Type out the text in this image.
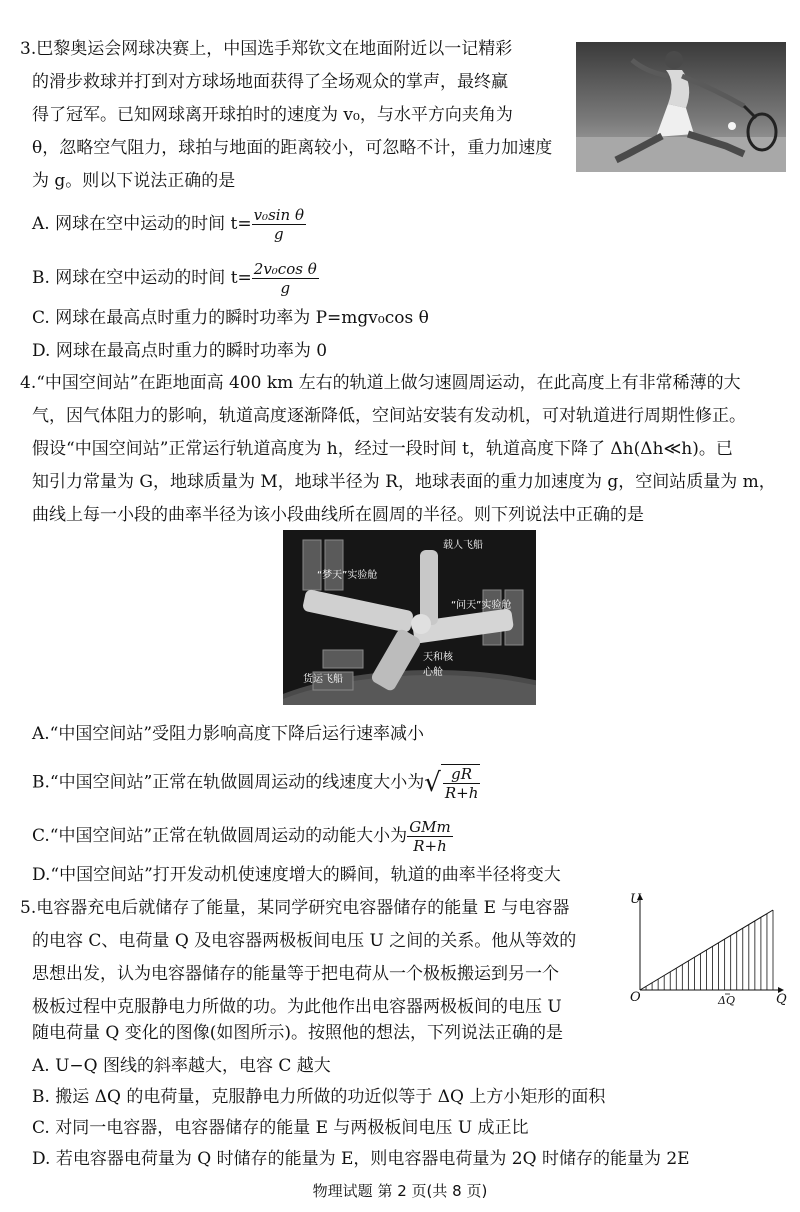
3.巴黎奥运会网球决赛上，中国选手郑钦文在地面附近以一记精彩
的滑步救球并打到对方球场地面获得了全场观众的掌声，最终赢
得了冠军。已知网球离开球拍时的速度为 v₀，与水平方向夹角为
θ，忽略空气阻力，球拍与地面的距离较小，可忽略不计，重力加速度
为 g。则以下说法正确的是
A. 网球在空中运动的时间 $t= \frac{\text{v₀sin θ}}{g}$
B. 网球在空中运动的时间 $t= \frac{\text{2v₀cos θ}}{g}$
C. 网球在最高点时重力的瞬时功率为 P=mgv₀cos θ
D. 网球在最高点时重力的瞬时功率为 0
4.“中国空间站”在距地面高 400 km 左右的轨道上做匀速圆周运动，在此高度上有非常稀薄的大
气，因气体阻力的影响，轨道高度逐渐降低，空间站安装有发动机，可对轨道进行周期性修正。
假设“中国空间站”正常运行轨道高度为 h，经过一段时间 t，轨道高度下降了 Δh(Δh≪h)。已
知引力常量为 G，地球质量为 M，地球半径为 R，地球表面的重力加速度为 g，空间站质量为 m，
曲线上每一小段的曲率半径为该小段曲线所在圆周的半径。则下列说法中正确的是
“梦天”实验舱
载人飞船
“问天”实验舱
天和核心舱
货运飞船
A.“中国空间站”受阻力影响高度下降后运行速率减小
B.“中国空间站”正常在轨做圆周运动的线速度大小为√ $\frac{gR}{R+h}$
C.“中国空间站”正常在轨做圆周运动的动能大小为 $\frac{\text{GMm}}{R+h}$
D.“中国空间站”打开发动机使速度增大的瞬间，轨道的曲率半径将变大
5.电容器充电后就储存了能量，某同学研究电容器储存的能量 E 与电容器
的电容 C、电荷量 Q 及电容器两极板间电压 U 之间的关系。他从等效的
思想出发，认为电容器储存的能量等于把电荷从一个极板搬运到另一个
极板过程中克服静电力所做的功。为此他作出电容器两极板间的电压 U
随电荷量 Q 变化的图像(如图所示)。按照他的想法，下列说法正确的是
U
Q
O	ΔQ
A. U−Q 图线的斜率越大，电容 C 越大
B. 搬运 ΔQ 的电荷量，克服静电力所做的功近似等于 ΔQ 上方小矩形的面积
C. 对同一电容器，电容器储存的能量 E 与两极板间电压 U 成正比
D. 若电容器电荷量为 Q 时储存的能量为 E，则电容器电荷量为 2Q 时储存的能量为 2E
物理试题 第 2 页(共 8 页)
